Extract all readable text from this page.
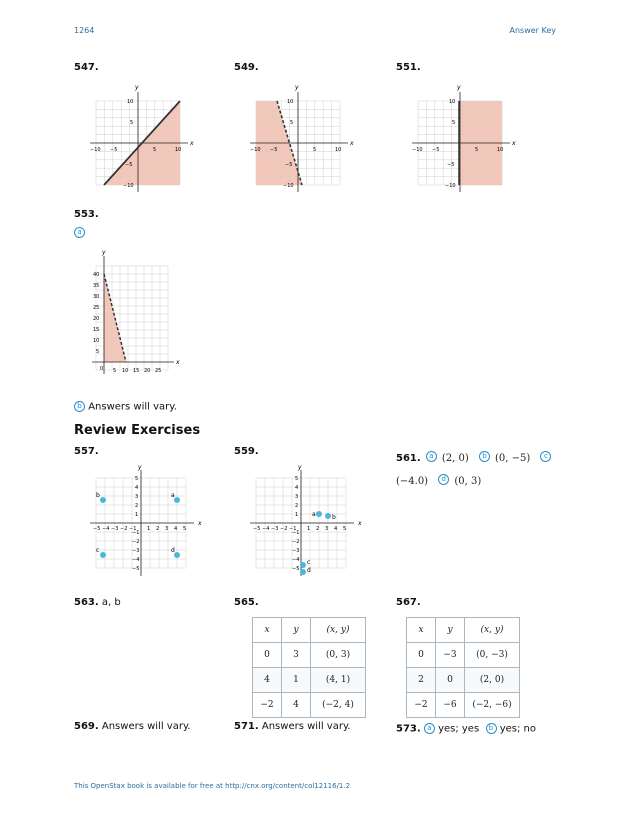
1264	Answer Key
547.	549.	551.
x
y
−10 −5	5	10
10
5
−5
−10
x
y
−10 −5	5	10
10
5
−5
−10
x
y
−10 −5	5	10
10
5
−5
−10
553.
a
x
y
0 5 10 15 20 25
40
35
30
25
20
15
10
5
b Answers will vary.
Review Exercises
557.	559.
561. a (2, 0) b (0, −5) c
(−4.0) d (0, 3)
x
y
−5 −4 −3 −2 −1 1 2 3 4 5
5
4
3
2
1
−1
−2
−3
−4
−5
b	a
c	d
x
y
−5 −4 −3 −2 −1 1 2 3 4 5
5
4
3
2
1
−1
−2
−3
−4
−5
a	b
c
d
563. a, b	565.	567.
x	y	(x, y)
0	3	(0, 3)
4	1	(4, 1)
−2	4	(−2, 4)
x	y	(x, y)
0	−3	(0, −3)
2	0	(2, 0)
−2	−6	(−2, −6)
569. Answers will vary.	571. Answers will vary.	573. a yes; yes b yes; no
This OpenStax book is available for free at http://cnx.org/content/col12116/1.2
